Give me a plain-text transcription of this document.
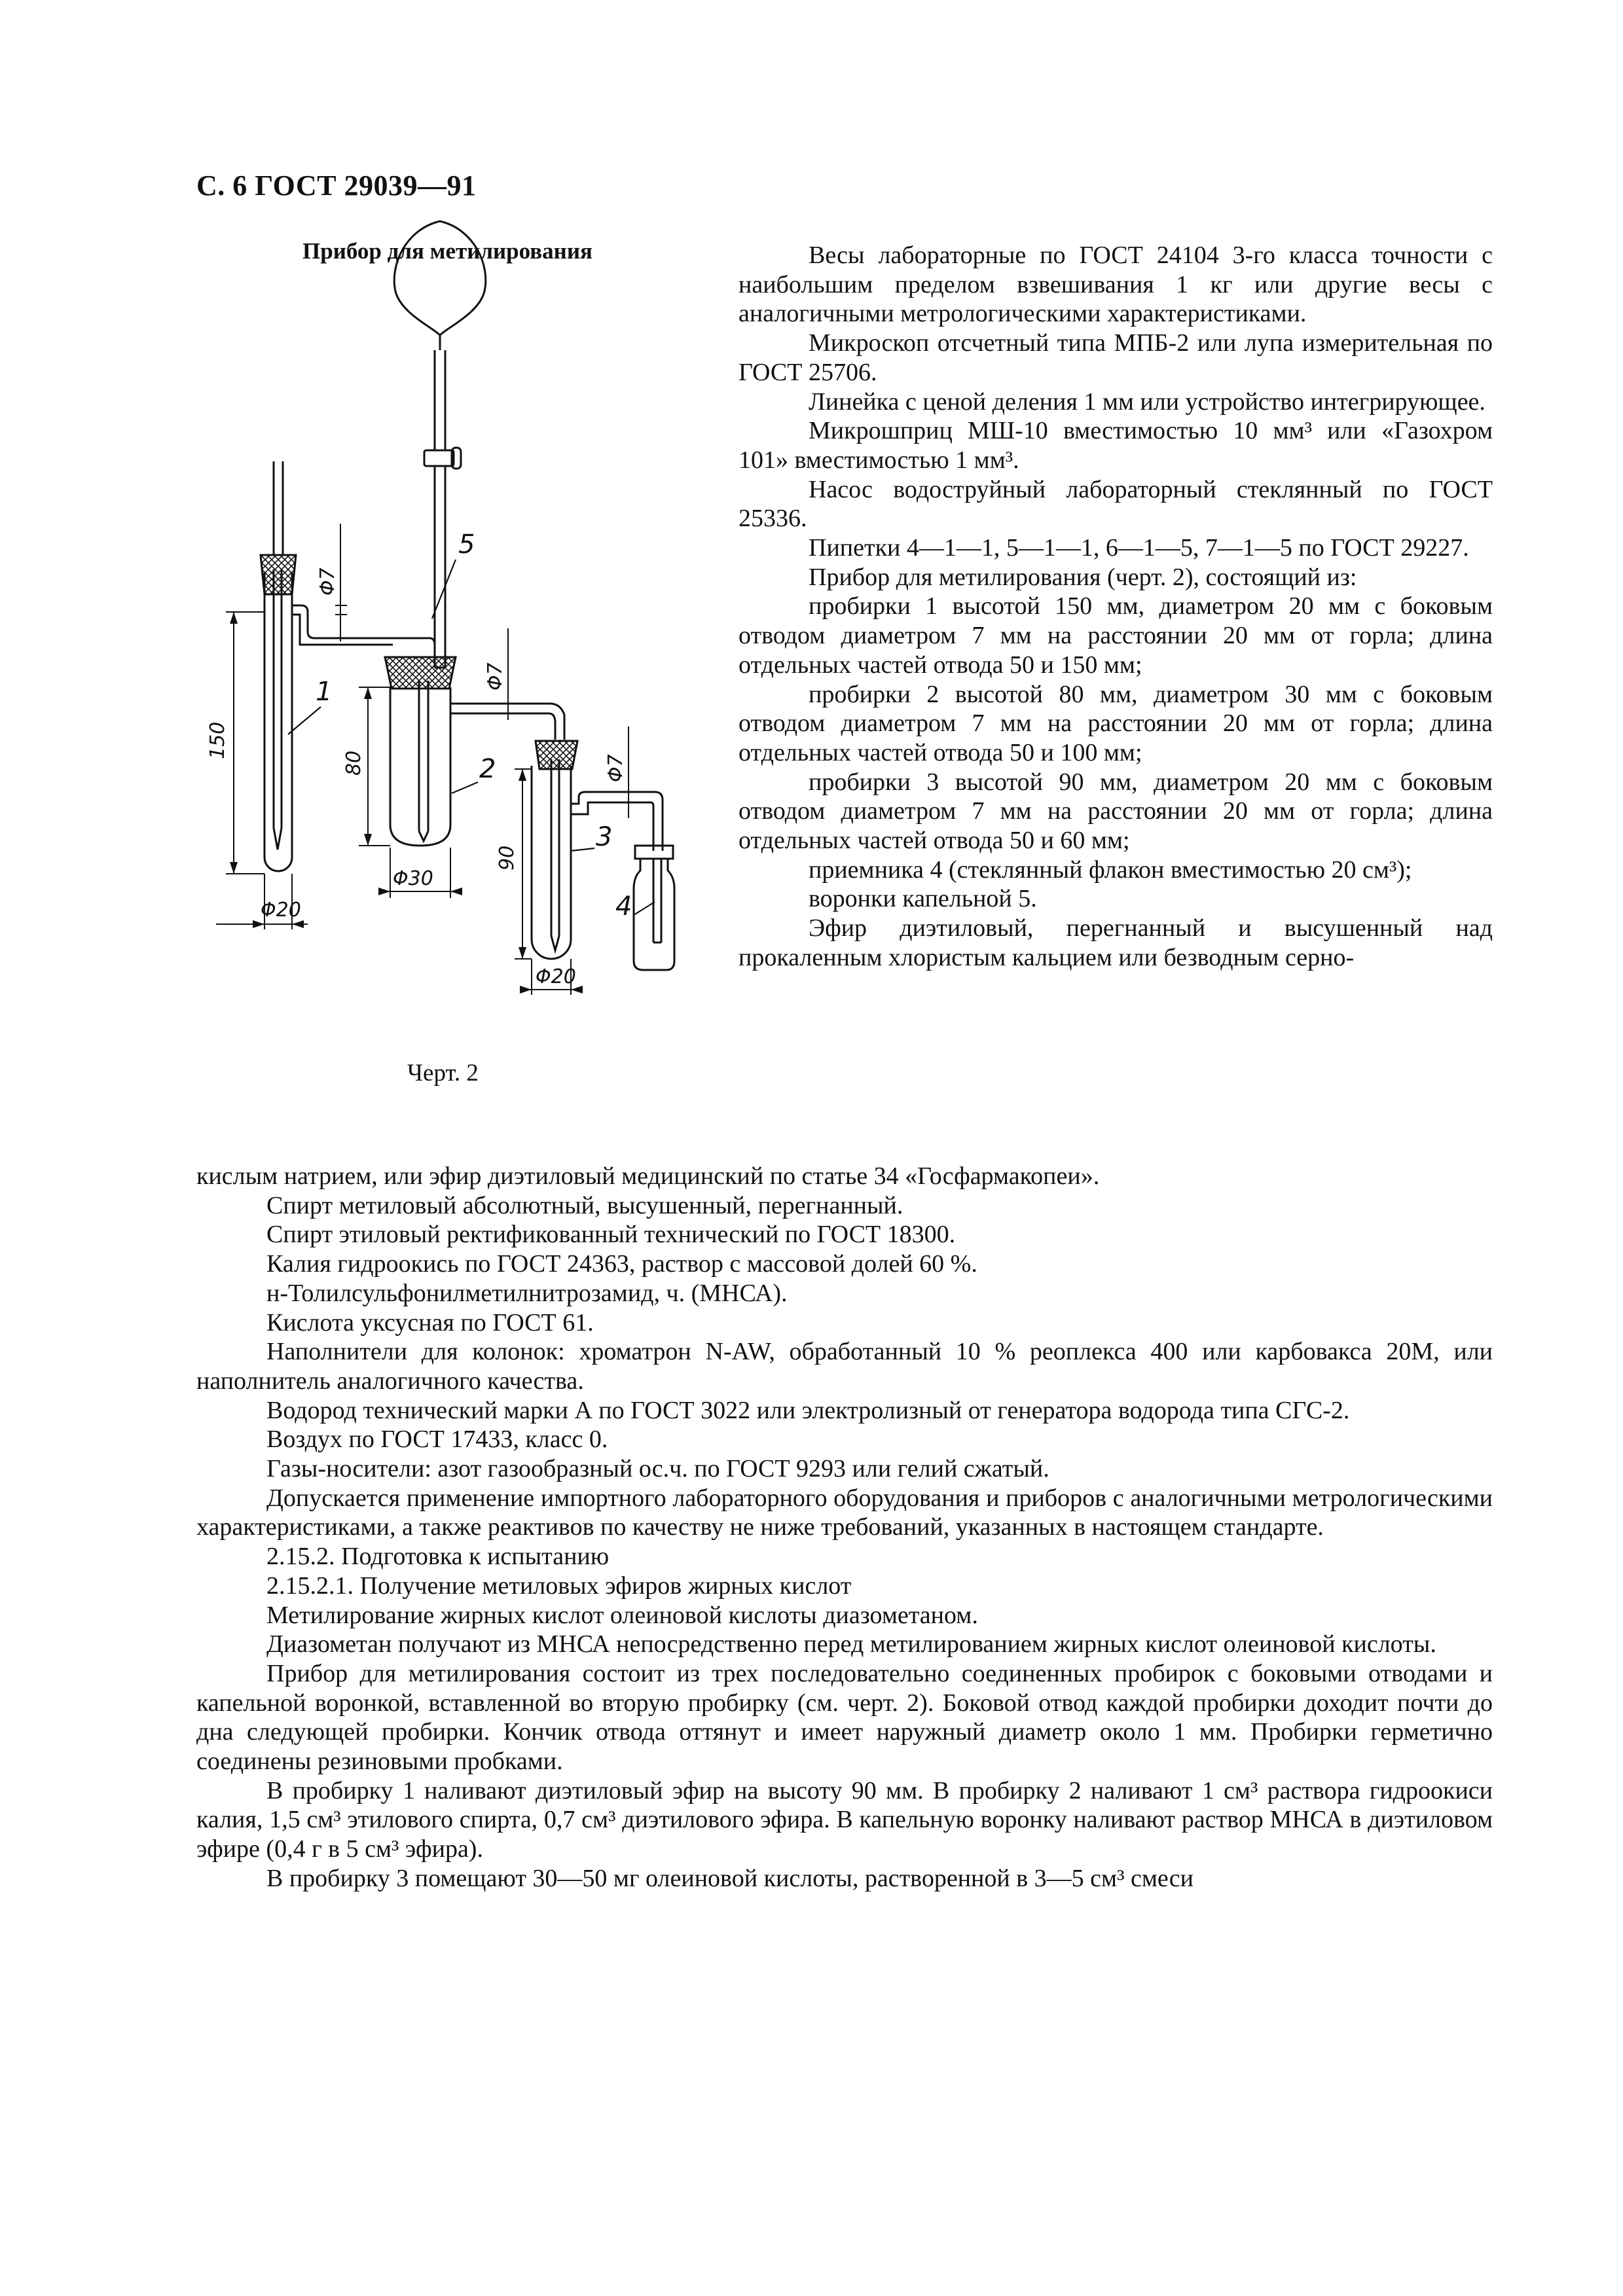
С. 6 ГОСТ 29039—91
Прибор для метилирования
1
2
3
4
5
Φ20
Φ30
Φ20
150
80
90
Φ7
Φ7
Φ7
Черт. 2

Весы лабораторные по ГОСТ 24104 3-го класса точности с наибольшим пределом взвешивания 1 кг или другие весы с аналогичными метрологическими характеристиками.

Микроскоп отсчетный типа МПБ-2 или лупа измерительная по ГОСТ 25706.

Линейка с ценой деления 1 мм или устройство интегрирующее.

Микрошприц МШ-10 вместимостью 10 мм³ или «Газохром 101» вместимостью 1 мм³.

Насос водоструйный лабораторный стеклянный по ГОСТ 25336.

Пипетки 4—1—1, 5—1—1, 6—1—5, 7—1—5 по ГОСТ 29227.

Прибор для метилирования (черт. 2), состоящий из:

пробирки 1 высотой 150 мм, диаметром 20 мм с боковым отводом диаметром 7 мм на расстоянии 20 мм от горла; длина отдельных частей отвода 50 и 150 мм;

пробирки 2 высотой 80 мм, диаметром 30 мм с боковым отводом диаметром 7 мм на расстоянии 20 мм от горла; длина отдельных частей отвода 50 и 100 мм;

пробирки 3 высотой 90 мм, диаметром 20 мм с боковым отводом диаметром 7 мм на расстоянии 20 мм от горла; длина отдельных частей отвода 50 и 60 мм;

приемника 4 (стеклянный флакон вместимостью 20 см³);

воронки капельной 5.

Эфир диэтиловый, перегнанный и высушенный над прокаленным хлористым кальцием или безводным серно-

кислым натрием, или эфир диэтиловый медицинский по статье 34 «Госфармакопеи».

Спирт метиловый абсолютный, высушенный, перегнанный.

Спирт этиловый ректификованный технический по ГОСТ 18300.

Калия гидроокись по ГОСТ 24363, раствор с массовой долей 60 %.

н-Толилсульфонилметилнитрозамид, ч. (МНСА).

Кислота уксусная по ГОСТ 61.

Наполнители для колонок: хроматрон N-AW, обработанный 10 % реоплекса 400 или карбовакса 20М, или наполнитель аналогичного качества.

Водород технический марки А по ГОСТ 3022 или электролизный от генератора водорода типа СГС-2.

Воздух по ГОСТ 17433, класс 0.

Газы-носители: азот газообразный ос.ч. по ГОСТ 9293 или гелий сжатый.

Допускается применение импортного лабораторного оборудования и приборов с аналогичными метрологическими характеристиками, а также реактивов по качеству не ниже требований, указанных в настоящем стандарте.

2.15.2. Подготовка к испытанию

2.15.2.1. Получение метиловых эфиров жирных кислот

Метилирование жирных кислот олеиновой кислоты диазометаном.

Диазометан получают из МНСА непосредственно перед метилированием жирных кислот олеиновой кислоты.

Прибор для метилирования состоит из трех последовательно соединенных пробирок с боковыми отводами и капельной воронкой, вставленной во вторую пробирку (см. черт. 2). Боковой отвод каждой пробирки доходит почти до дна следующей пробирки. Кончик отвода оттянут и имеет наружный диаметр около 1 мм. Пробирки герметично соединены резиновыми пробками.

В пробирку 1 наливают диэтиловый эфир на высоту 90 мм. В пробирку 2 наливают 1 см³ раствора гидроокиси калия, 1,5 см³ этилового спирта, 0,7 см³ диэтилового эфира. В капельную воронку наливают раствор МНСА в диэтиловом эфире (0,4 г в 5 см³ эфира).

В пробирку 3 помещают 30—50 мг олеиновой кислоты, растворенной в 3—5 см³ смеси
